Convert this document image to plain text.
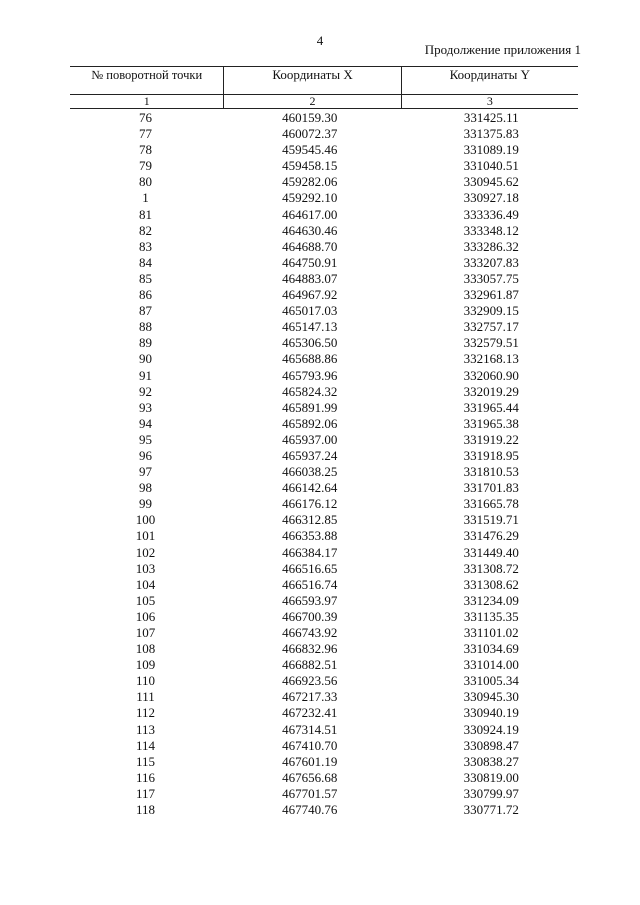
4
Продолжение приложения 1
№ поворотной точки	Координаты X	Координаты Y
1	2	3
76	460159.30	331425.11
77	460072.37	331375.83
78	459545.46	331089.19
79	459458.15	331040.51
80	459282.06	330945.62
1	459292.10	330927.18
81	464617.00	333336.49
82	464630.46	333348.12
83	464688.70	333286.32
84	464750.91	333207.83
85	464883.07	333057.75
86	464967.92	332961.87
87	465017.03	332909.15
88	465147.13	332757.17
89	465306.50	332579.51
90	465688.86	332168.13
91	465793.96	332060.90
92	465824.32	332019.29
93	465891.99	331965.44
94	465892.06	331965.38
95	465937.00	331919.22
96	465937.24	331918.95
97	466038.25	331810.53
98	466142.64	331701.83
99	466176.12	331665.78
100	466312.85	331519.71
101	466353.88	331476.29
102	466384.17	331449.40
103	466516.65	331308.72
104	466516.74	331308.62
105	466593.97	331234.09
106	466700.39	331135.35
107	466743.92	331101.02
108	466832.96	331034.69
109	466882.51	331014.00
110	466923.56	331005.34
111	467217.33	330945.30
112	467232.41	330940.19
113	467314.51	330924.19
114	467410.70	330898.47
115	467601.19	330838.27
116	467656.68	330819.00
117	467701.57	330799.97
118	467740.76	330771.72
